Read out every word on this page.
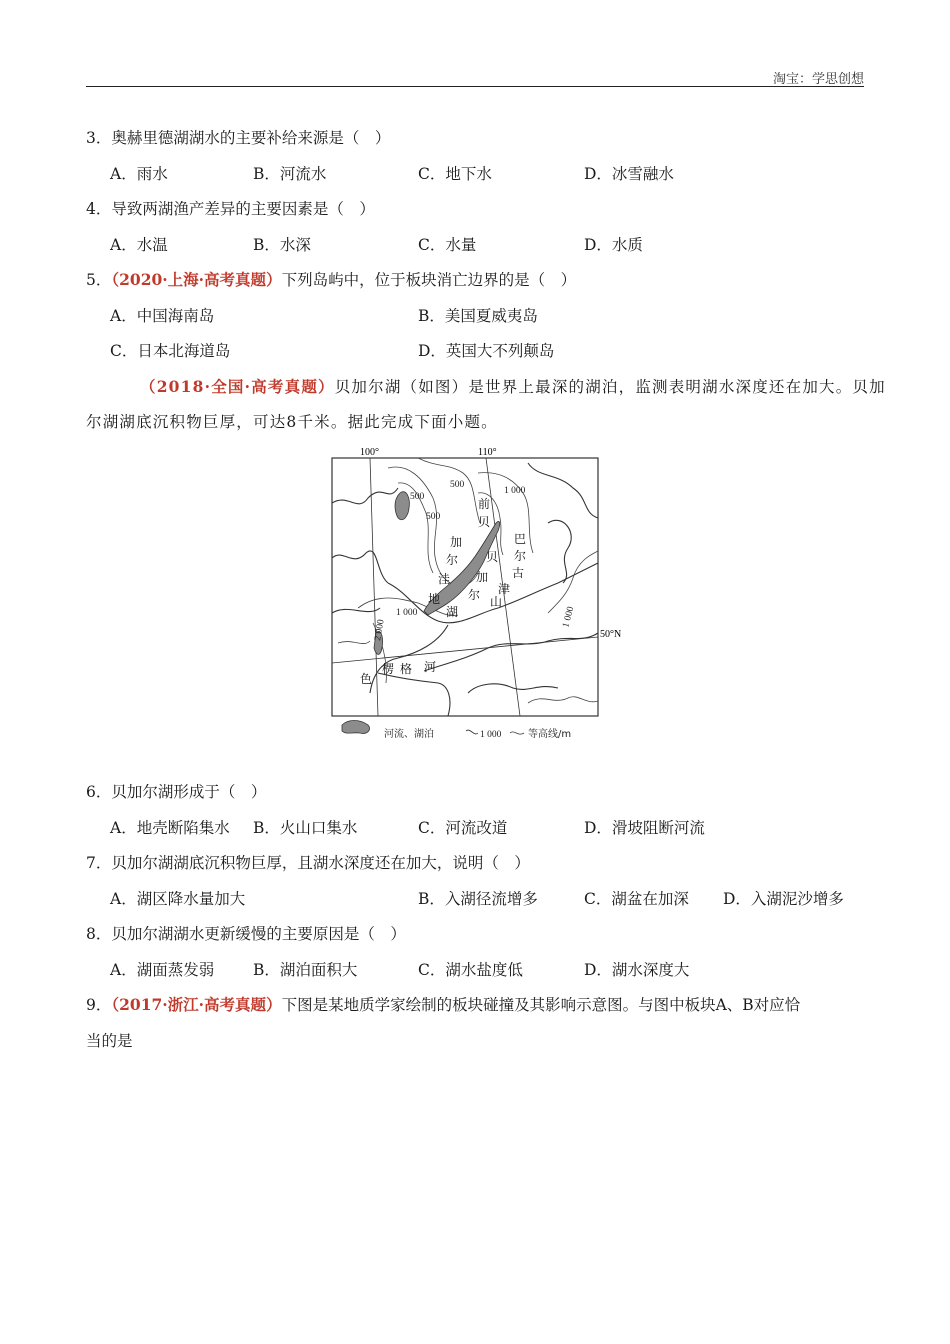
淘宝：学思创想
3．奥赫里德湖湖水的主要补给来源是（　）
A．雨水	B．河流水	C．地下水	D．冰雪融水
4．导致两湖渔产差异的主要因素是（　）
A．水温	B．水深	C．水量	D．水质
5．（2020·上海·高考真题）下列岛屿中，位于板块消亡边界的是（　）
A．中国海南岛	B．美国夏威夷岛
C．日本北海道岛	D．英国大不列颠岛
（2018·全国·高考真题）贝加尔湖（如图）是世界上最深的湖泊，监测表明湖水深度还在加大。贝加
尔湖湖底沉积物巨厚，可达8千米。据此完成下面小题。
100°	110°
50°N
500
500
500
1 000
1 000
2 000
1 000
前
贝
加
尔
洼
地
湖
贝
加
尔
巴
尔
古
津
山
楞 格 河
色
河流、湖泊	1 000	等高线/m
6．贝加尔湖形成于（　）
A．地壳断陷集水 B．火山口集水	C．河流改道	D．滑坡阻断河流
7．贝加尔湖湖底沉积物巨厚，且湖水深度还在加大，说明（　）
A．湖区降水量加大	B．入湖径流增多	C．湖盆在加深 D．入湖泥沙增多
8．贝加尔湖湖水更新缓慢的主要原因是（　）
A．湖面蒸发弱	B．湖泊面积大	C．湖水盐度低	D．湖水深度大
9．（2017·浙江·高考真题）下图是某地质学家绘制的板块碰撞及其影响示意图。与图中板块A、B对应恰
当的是
